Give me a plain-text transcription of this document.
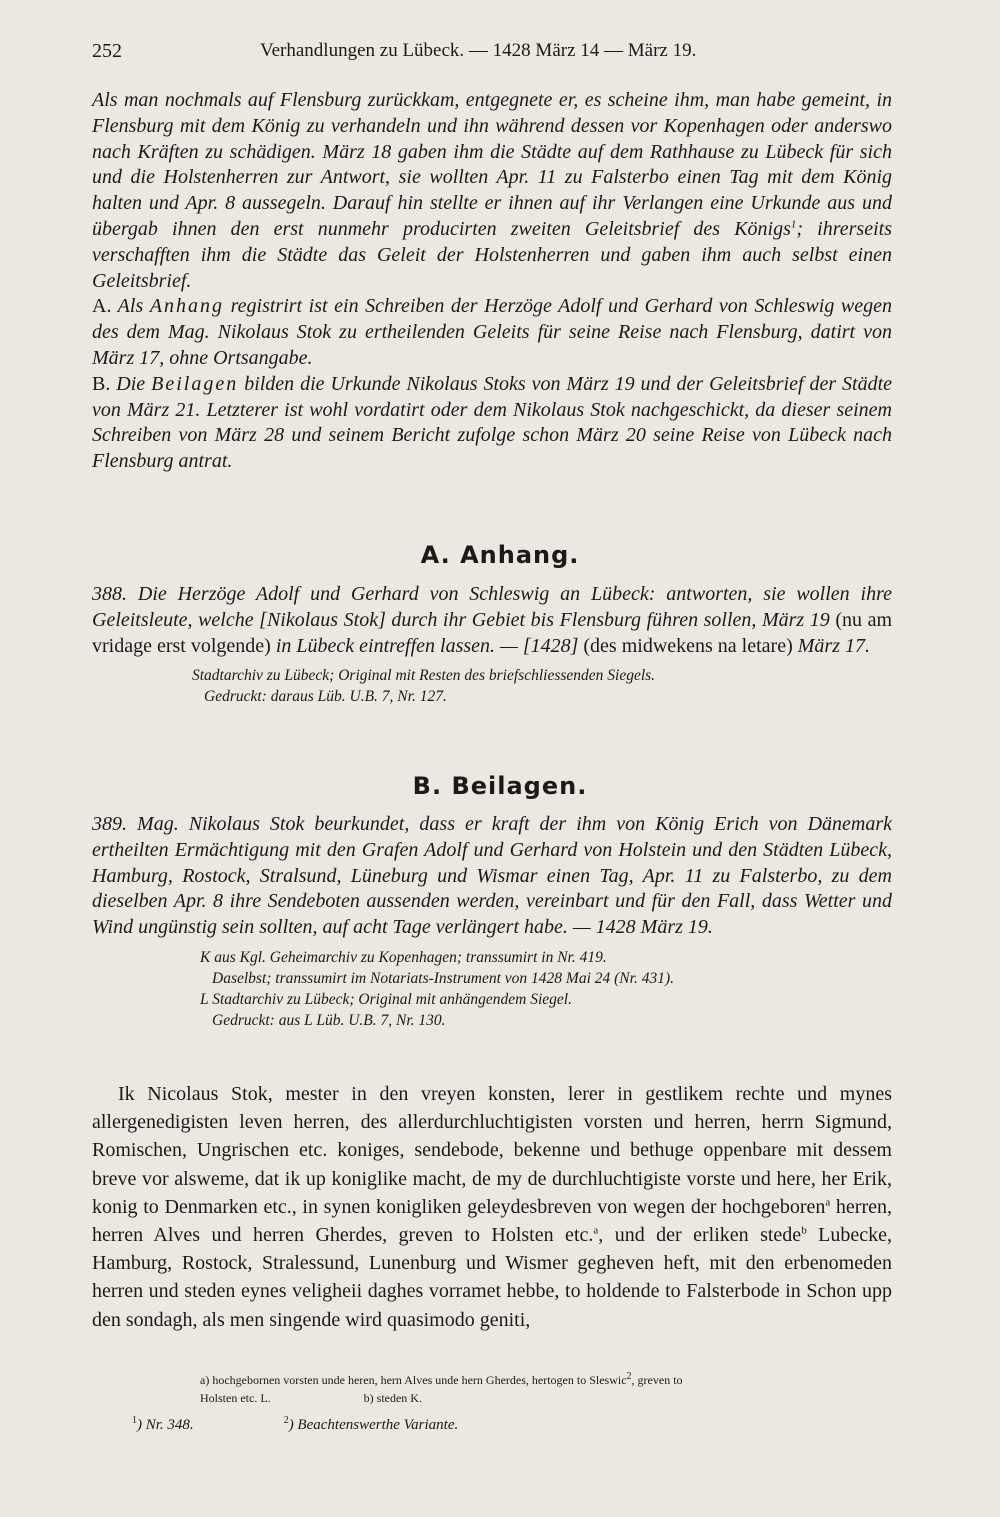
252	Verhandlungen zu Lübeck. — 1428 März 14 — März 19.

Als man nochmals auf Flensburg zurückkam, entgegnete er, es scheine ihm, man habe gemeint, in Flensburg mit dem König zu verhandeln und ihn während dessen vor Kopenhagen oder anderswo nach Kräften zu schädigen. März 18 gaben ihm die Städte auf dem Rathhause zu Lübeck für sich und die Holstenherren zur Antwort, sie wollten Apr. 11 zu Falsterbo einen Tag mit dem König halten und Apr. 8 aussegeln. Darauf hin stellte er ihnen auf ihr Verlangen eine Urkunde aus und übergab ihnen den erst nunmehr producirten zweiten Geleitsbrief des Königs$^1$; ihrerseits verschafften ihm die Städte das Geleit der Holstenherren und gaben ihm auch selbst einen Geleitsbrief.

A. Als Anhang registrirt ist ein Schreiben der Herzöge Adolf und Gerhard von Schleswig wegen des dem Mag. Nikolaus Stok zu ertheilenden Geleits für seine Reise nach Flensburg, datirt von März 17, ohne Ortsangabe.

B. Die Beilagen bilden die Urkunde Nikolaus Stoks von März 19 und der Geleitsbrief der Städte von März 21. Letzterer ist wohl vordatirt oder dem Nikolaus Stok nachgeschickt, da dieser seinem Schreiben von März 28 und seinem Bericht zufolge schon März 20 seine Reise von Lübeck nach Flensburg antrat.

A. Anhang.

388. Die Herzöge Adolf und Gerhard von Schleswig an Lübeck: antworten, sie wollen ihre Geleitsleute, welche [Nikolaus Stok] durch ihr Gebiet bis Flensburg führen sollen, März 19 (nu am vridage erst volgende) in Lübeck eintreffen lassen. — [1428] (des midwekens na letare) März 17.

Stadtarchiv zu Lübeck; Original mit Resten des briefschliessenden Siegels.

Gedruckt: daraus Lüb. U.B. 7, Nr. 127.

B. Beilagen.

389. Mag. Nikolaus Stok beurkundet, dass er kraft der ihm von König Erich von Dänemark ertheilten Ermächtigung mit den Grafen Adolf und Gerhard von Holstein und den Städten Lübeck, Hamburg, Rostock, Stralsund, Lüneburg und Wismar einen Tag, Apr. 11 zu Falsterbo, zu dem dieselben Apr. 8 ihre Sendeboten aussenden werden, vereinbart und für den Fall, dass Wetter und Wind ungünstig sein sollten, auf acht Tage verlängert habe. — 1428 März 19.

K aus Kgl. Geheimarchiv zu Kopenhagen; transsumirt in Nr. 419.

Daselbst; transsumirt im Notariats-Instrument von 1428 Mai 24 (Nr. 431).

L Stadtarchiv zu Lübeck; Original mit anhängendem Siegel.

Gedruckt: aus L Lüb. U.B. 7, Nr. 130.

Ik Nicolaus Stok, mester in den vreyen konsten, lerer in gestlikem rechte und mynes allergenedigisten leven herren, des allerdurchluchtigisten vorsten und herren, herrn Sigmund, Romischen, Ungrischen etc. koniges, sendebode, bekenne und bethuge oppenbare mit dessem breve vor alsweme, dat ik up koniglike macht, de my de durchluchtigiste vorste und here, her Erik, konig to Denmarken etc., in synen konigliken geleydesbreven von wegen der hochgeboren$^a$ herren, herren Alves und herren Gherdes, greven to Holsten etc.$^a$, und der erliken stede$^b$ Lubecke, Hamburg, Rostock, Stralessund, Lunenburg und Wismer gegheven heft, mit den erbenomeden herren und steden eynes veligheii daghes vorramet hebbe, to holdende to Falsterbode in Schon upp den sondagh, als men singende wird quasimodo geniti,

a) hochgebornen vorsten unde heren, hern Alves unde hern Gherdes, hertogen to Sleswic$^2$, greven to

Holsten etc. L.	b) steden K.

$^1$) Nr. 348.	$^2$) Beachtenswerthe Variante.
